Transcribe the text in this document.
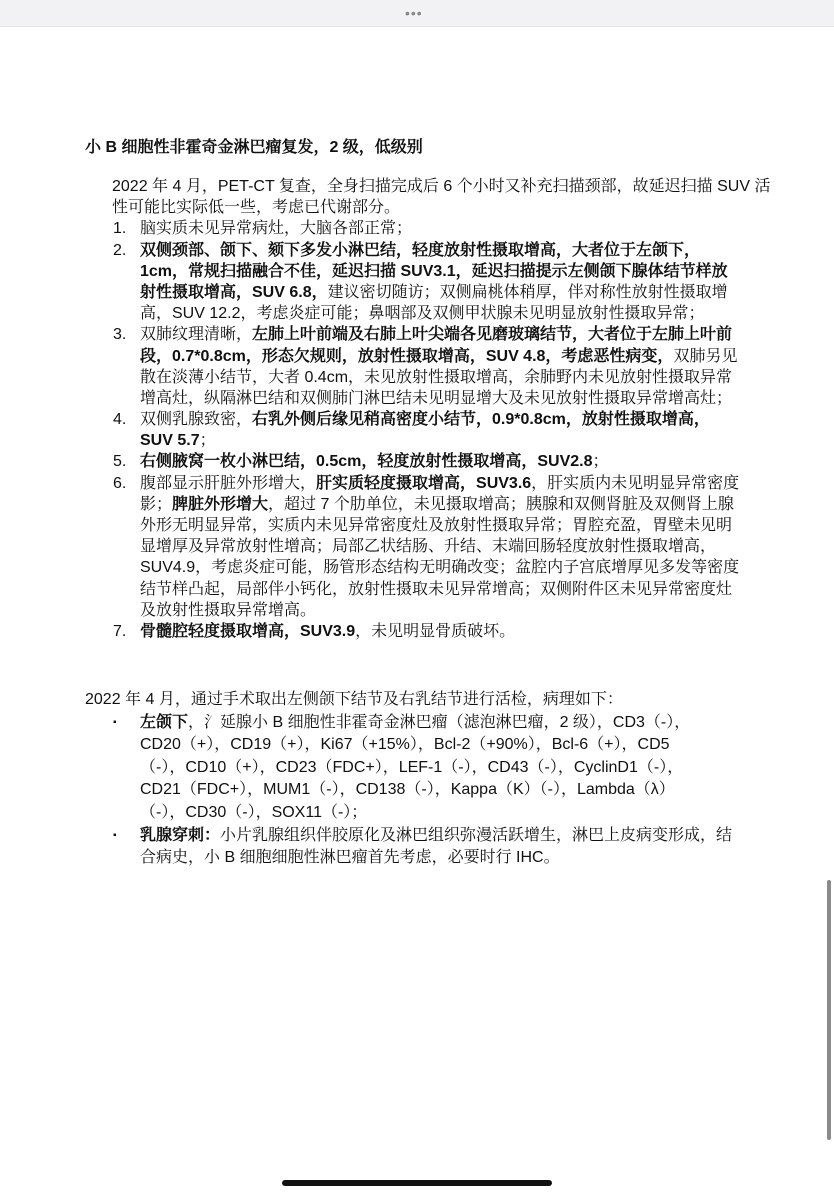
•••
小 B 细胞性非霍奇金淋巴瘤复发，2 级，低级别
2022 年 4 月，PET-CT 复查，全身扫描完成后 6 个小时又补充扫描颈部，故延迟扫描 SUV 活
性可能比实际低一些，考虑已代谢部分。
1. 脑实质未见异常病灶，大脑各部正常；
2. 双侧颈部、颌下、颏下多发小淋巴结，轻度放射性摄取增高，大者位于左颌下，
1cm，常规扫描融合不佳，延迟扫描 SUV3.1，延迟扫描提示左侧颌下腺体结节样放
射性摄取增高，SUV 6.8，建议密切随访；双侧扁桃体稍厚，伴对称性放射性摄取增
高，SUV 12.2，考虑炎症可能；鼻咽部及双侧甲状腺未见明显放射性摄取异常；
3. 双肺纹理清晰，左肺上叶前端及右肺上叶尖端各见磨玻璃结节，大者位于左肺上叶前
段，0.7*0.8cm，形态欠规则，放射性摄取增高，SUV 4.8，考虑恶性病变，双肺另见
散在淡薄小结节，大者 0.4cm，未见放射性摄取增高，余肺野内未见放射性摄取异常
增高灶，纵隔淋巴结和双侧肺门淋巴结未见明显增大及未见放射性摄取异常增高灶；
4. 双侧乳腺致密，右乳外侧后缘见稍高密度小结节，0.9*0.8cm，放射性摄取增高，
SUV 5.7；
5. 右侧腋窝一枚小淋巴结，0.5cm，轻度放射性摄取增高，SUV2.8；
6. 腹部显示肝脏外形增大，肝实质轻度摄取增高，SUV3.6，肝实质内未见明显异常密度
影；脾脏外形增大，超过 7 个肋单位，未见摄取增高；胰腺和双侧肾脏及双侧肾上腺
外形无明显异常，实质内未见异常密度灶及放射性摄取异常；胃腔充盈，胃壁未见明
显增厚及异常放射性增高；局部乙状结肠、升结、末端回肠轻度放射性摄取增高，
SUV4.9，考虑炎症可能，肠管形态结构无明确改变；盆腔内子宫底增厚见多发等密度
结节样凸起，局部伴小钙化，放射性摄取未见异常增高；双侧附件区未见异常密度灶
及放射性摄取异常增高。
7. 骨髓腔轻度摄取增高，SUV3.9，未见明显骨质破坏。
2022 年 4 月，通过手术取出左侧颌下结节及右乳结节进行活检，病理如下：
▪ 左颌下，氵延腺小 B 细胞性非霍奇金淋巴瘤（滤泡淋巴瘤，2 级），CD3（-），
CD20（+），CD19（+），Ki67（+15%），Bcl-2（+90%），Bcl-6（+），CD5
（-），CD10（+），CD23（FDC+），LEF-1（-），CD43（-），CyclinD1（-），
CD21（FDC+），MUM1（-），CD138（-），Kappa（K）（-），Lambda（λ）
（-），CD30（-），SOX11（-）；
▪ 乳腺穿刺：小片乳腺组织伴胶原化及淋巴组织弥漫活跃增生，淋巴上皮病变形成，结
合病史，小 B 细胞细胞性淋巴瘤首先考虑，必要时行 IHC。
